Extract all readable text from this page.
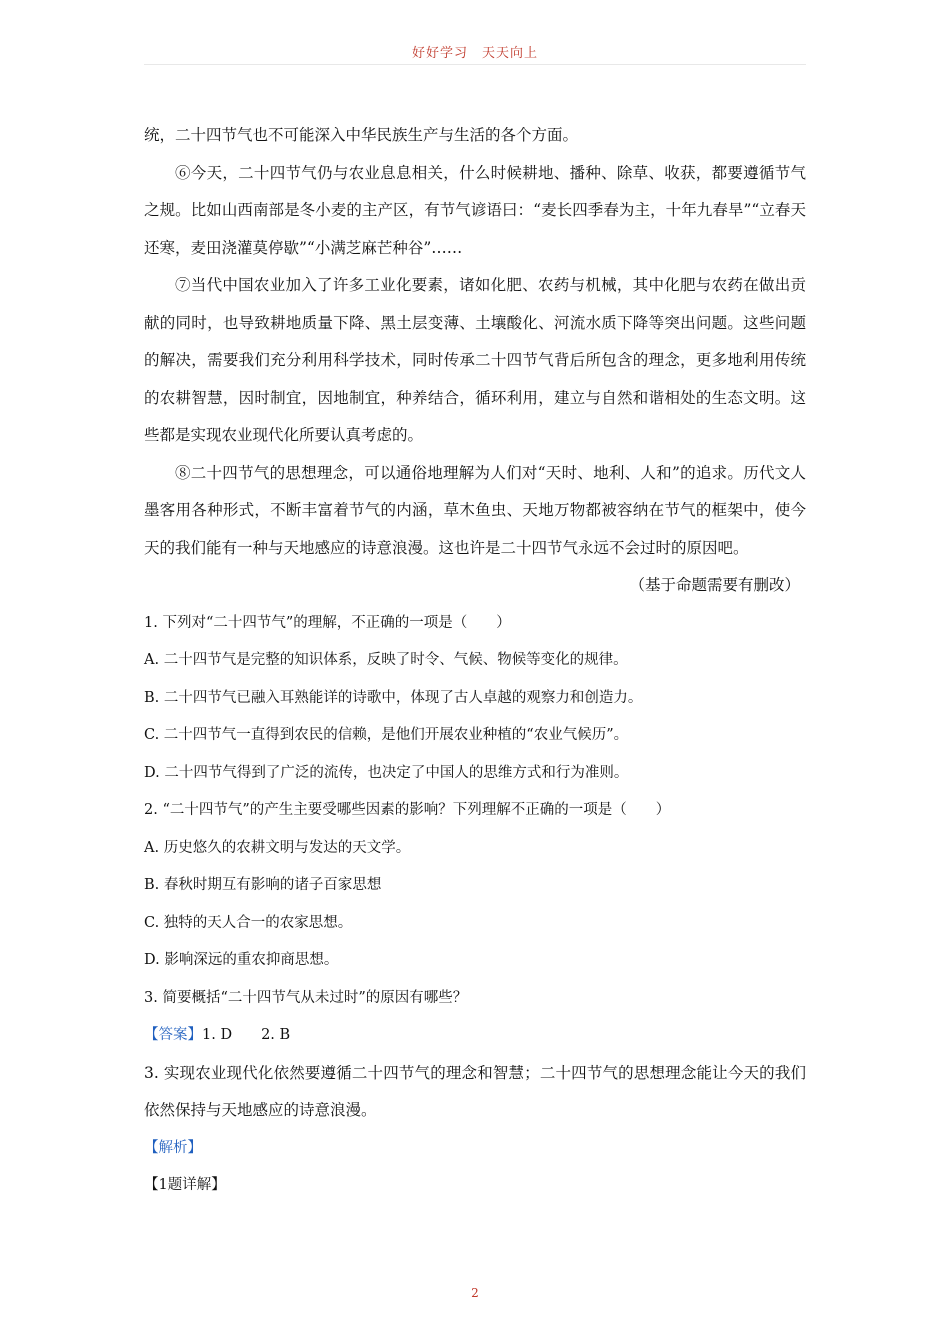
好好学习　天天向上

统，二十四节气也不可能深入中华民族生产与生活的各个方面。

⑥今天，二十四节气仍与农业息息相关，什么时候耕地、播种、除草、收获，都要遵循节气之规。比如山西南部是冬小麦的主产区，有节气谚语曰：“麦长四季春为主，十年九春旱”“立春天还寒，麦田浇灌莫停歇”“小满芝麻芒种谷”……

⑦当代中国农业加入了许多工业化要素，诸如化肥、农药与机械，其中化肥与农药在做出贡献的同时，也导致耕地质量下降、黑土层变薄、土壤酸化、河流水质下降等突出问题。这些问题的解决，需要我们充分利用科学技术，同时传承二十四节气背后所包含的理念，更多地利用传统的农耕智慧，因时制宜，因地制宜，种养结合，循环利用，建立与自然和谐相处的生态文明。这些都是实现农业现代化所要认真考虑的。

⑧二十四节气的思想理念，可以通俗地理解为人们对“天时、地利、人和”的追求。历代文人墨客用各种形式，不断丰富着节气的内涵，草木鱼虫、天地万物都被容纳在节气的框架中，使今天的我们能有一种与天地感应的诗意浪漫。这也许是二十四节气永远不会过时的原因吧。

（基于命题需要有删改）

1. 下列对“二十四节气”的理解，不正确的一项是（　　）

A. 二十四节气是完整的知识体系，反映了时令、气候、物候等变化的规律。

B. 二十四节气已融入耳熟能详的诗歌中，体现了古人卓越的观察力和创造力。

C. 二十四节气一直得到农民的信赖，是他们开展农业种植的“农业气候历”。

D. 二十四节气得到了广泛的流传，也决定了中国人的思维方式和行为准则。

2. “二十四节气”的产生主要受哪些因素的影响？下列理解不正确的一项是（　　）

A. 历史悠久的农耕文明与发达的天文学。

B. 春秋时期互有影响的诸子百家思想

C. 独特的天人合一的农家思想。

D. 影响深远的重农抑商思想。

3. 简要概括“二十四节气从未过时”的原因有哪些？

【答案】1. D　　2. B

3. 实现农业现代化依然要遵循二十四节气的理念和智慧；二十四节气的思想理念能让今天的我们依然保持与天地感应的诗意浪漫。

【解析】

【1题详解】

2
